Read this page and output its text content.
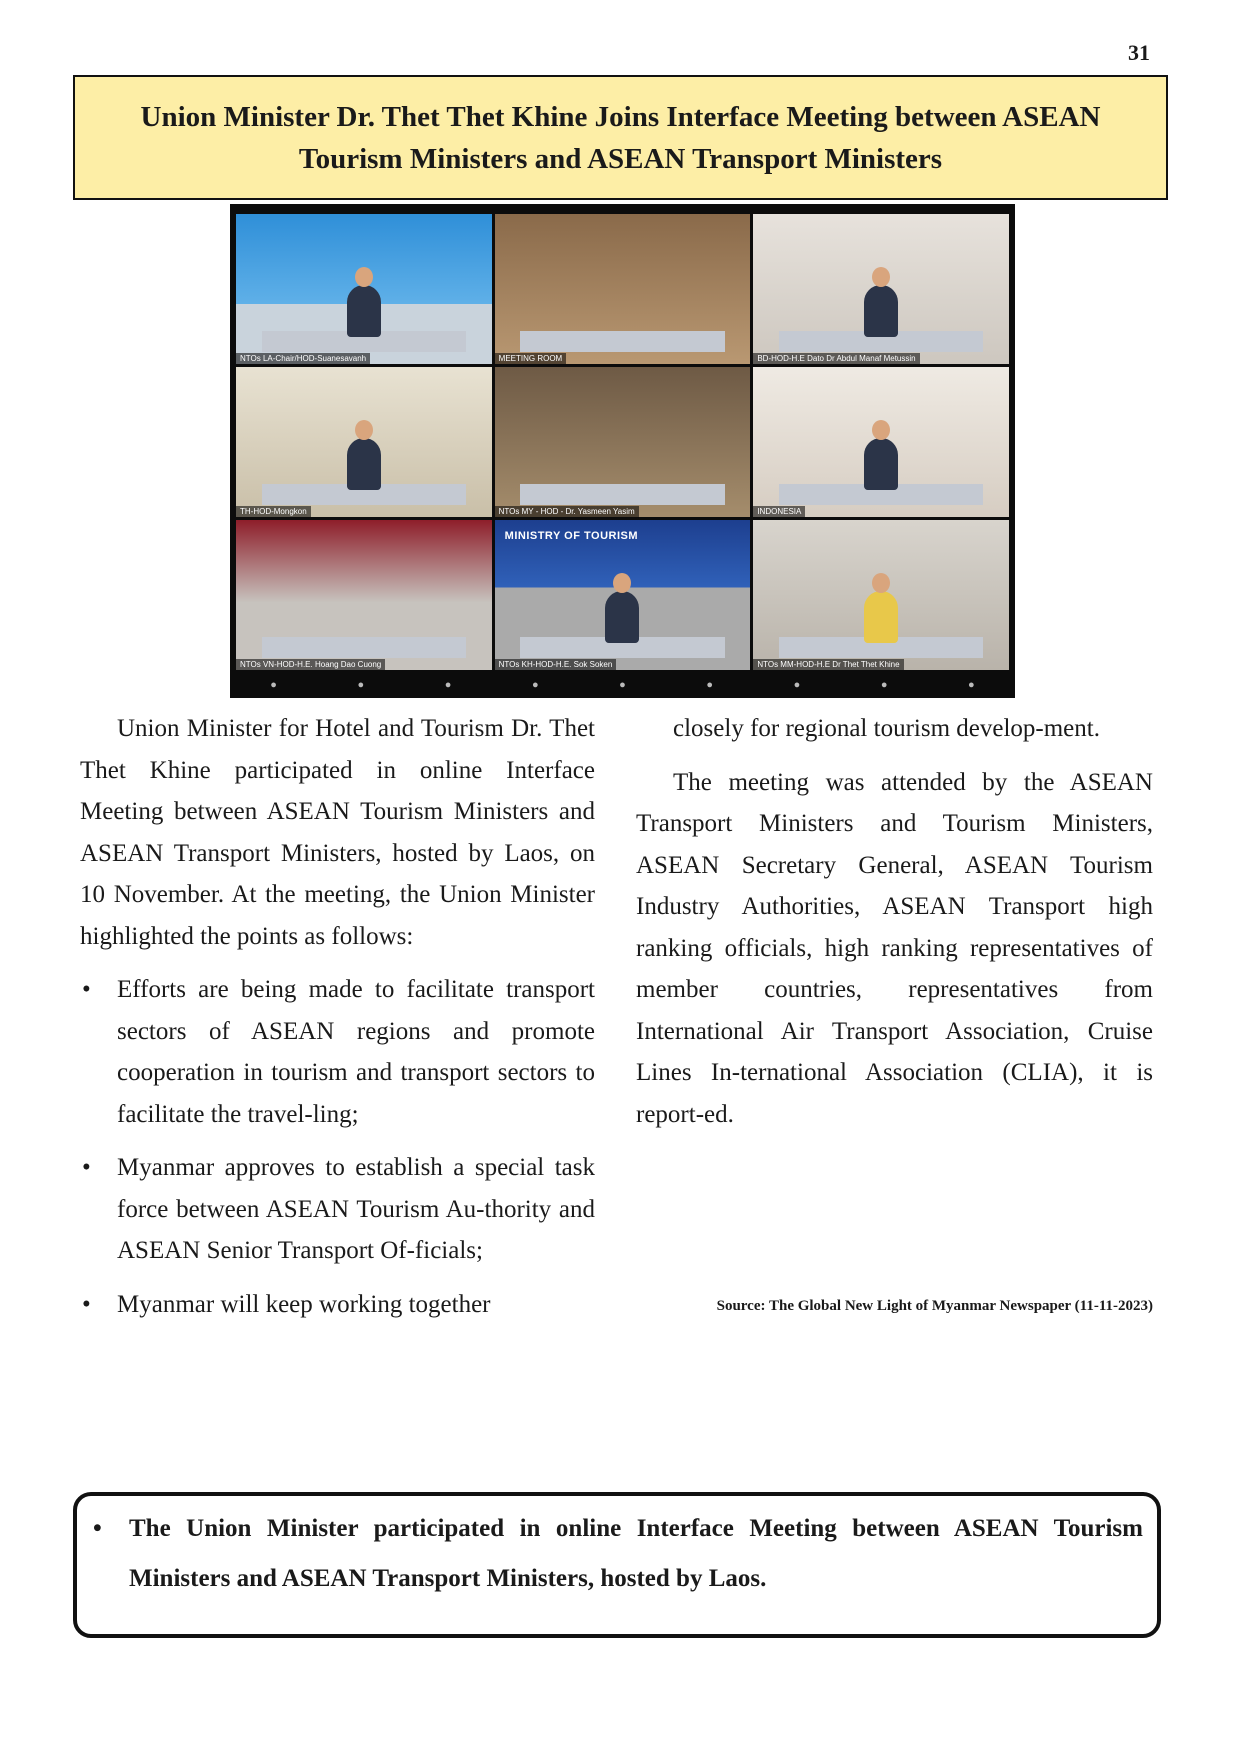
31
Union Minister Dr. Thet Thet Khine Joins Interface Meeting between ASEAN
Tourism Ministers and ASEAN Transport Ministers
NTOs LA-Chair/HOD-Suanesavanh	MEETING ROOM	BD-HOD-H.E Dato Dr Abdul Manaf Metussin
TH-HOD-Mongkon	NTOs MY - HOD - Dr. Yasmeen Yasim	INDONESIA
NTOs VN-HOD-H.E. Hoang Dao Cuong
MINISTRY OF TOURISM
NTOs KH-HOD-H.E. Sok Soken	NTOs MM-HOD-H.E Dr Thet Thet Khine
●	●	●	●	●	●	●	●	●

Union Minister for Hotel and Tourism Dr. Thet Thet Khine participated in online Interface Meeting between ASEAN Tourism Ministers and ASEAN Transport Ministers, hosted by Laos, on 10 November. At the meeting, the Union Minister highlighted the points as follows:

• Efforts are being made to facilitate transport sectors of ASEAN regions and promote cooperation in tourism and transport sectors to facilitate the travel-ling;
• Myanmar approves to establish a special task force between ASEAN Tourism Au-thority and ASEAN Senior Transport Of-ficials;
• Myanmar will keep working together

closely for regional tourism develop-ment.

The meeting was attended by the ASEAN Transport Ministers and Tourism Ministers, ASEAN Secretary General, ASEAN Tourism Industry Authorities, ASEAN Transport high ranking officials, high ranking representatives of member countries, representatives from International Air Transport Association, Cruise Lines In-ternational Association (CLIA), it is report-ed.

Source: The Global New Light of Myanmar Newspaper (11-11-2023)
• The Union Minister participated in online Interface Meeting between ASEAN Tourism Ministers and ASEAN Transport Ministers, hosted by Laos.
